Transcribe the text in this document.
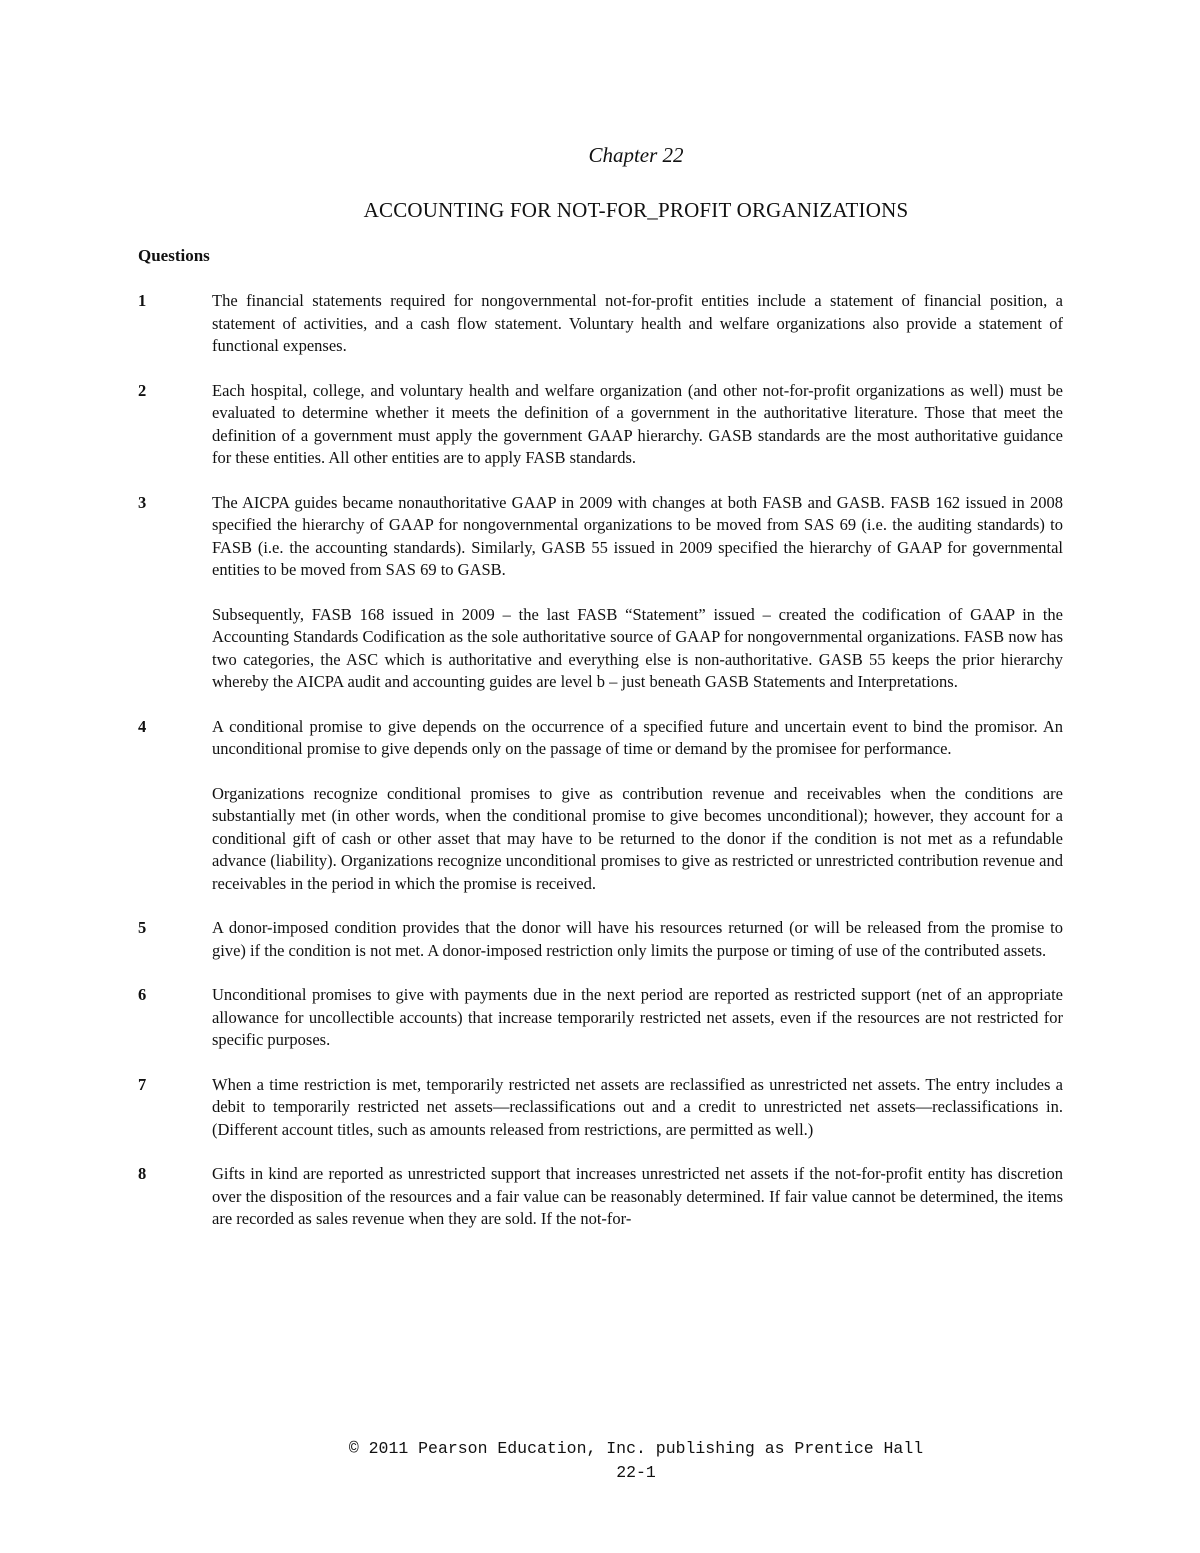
Chapter 22
ACCOUNTING FOR NOT-FOR_PROFIT ORGANIZATIONS
Questions
1	The financial statements required for nongovernmental not-for-profit entities include a statement of financial position, a statement of activities, and a cash flow statement. Voluntary health and welfare organizations also provide a statement of functional expenses.

2	Each hospital, college, and voluntary health and welfare organization (and other not-for-profit organizations as well) must be evaluated to determine whether it meets the definition of a government in the authoritative literature. Those that meet the definition of a government must apply the government GAAP hierarchy. GASB standards are the most authoritative guidance for these entities. All other entities are to apply FASB standards.

3	The AICPA guides became nonauthoritative GAAP in 2009 with changes at both FASB and GASB. FASB 162 issued in 2008 specified the hierarchy of GAAP for nongovernmental organizations to be moved from SAS 69 (i.e. the auditing standards) to FASB (i.e. the accounting standards). Similarly, GASB 55 issued in 2009 specified the hierarchy of GAAP for governmental entities to be moved from SAS 69 to GASB.

Subsequently, FASB 168 issued in 2009 – the last FASB “Statement” issued – created the codification of GAAP in the Accounting Standards Codification as the sole authoritative source of GAAP for nongovernmental organizations. FASB now has two categories, the ASC which is authoritative and everything else is non-authoritative. GASB 55 keeps the prior hierarchy whereby the AICPA audit and accounting guides are level b – just beneath GASB Statements and Interpretations.

4	A conditional promise to give depends on the occurrence of a specified future and uncertain event to bind the promisor. An unconditional promise to give depends only on the passage of time or demand by the promisee for performance.

Organizations recognize conditional promises to give as contribution revenue and receivables when the conditions are substantially met (in other words, when the conditional promise to give becomes unconditional); however, they account for a conditional gift of cash or other asset that may have to be returned to the donor if the condition is not met as a refundable advance (liability). Organizations recognize unconditional promises to give as restricted or unrestricted contribution revenue and receivables in the period in which the promise is received.

5	A donor-imposed condition provides that the donor will have his resources returned (or will be released from the promise to give) if the condition is not met. A donor-imposed restriction only limits the purpose or timing of use of the contributed assets.

6	Unconditional promises to give with payments due in the next period are reported as restricted support (net of an appropriate allowance for uncollectible accounts) that increase temporarily restricted net assets, even if the resources are not restricted for specific purposes.

7	When a time restriction is met, temporarily restricted net assets are reclassified as unrestricted net assets. The entry includes a debit to temporarily restricted net assets—reclassifications out and a credit to unrestricted net assets—reclassifications in. (Different account titles, such as amounts released from restrictions, are permitted as well.)

8	Gifts in kind are reported as unrestricted support that increases unrestricted net assets if the not-for-profit entity has discretion over the disposition of the resources and a fair value can be reasonably determined. If fair value cannot be determined, the items are recorded as sales revenue when they are sold. If the not-for-

© 2011 Pearson Education, Inc. publishing as Prentice Hall
22-1
